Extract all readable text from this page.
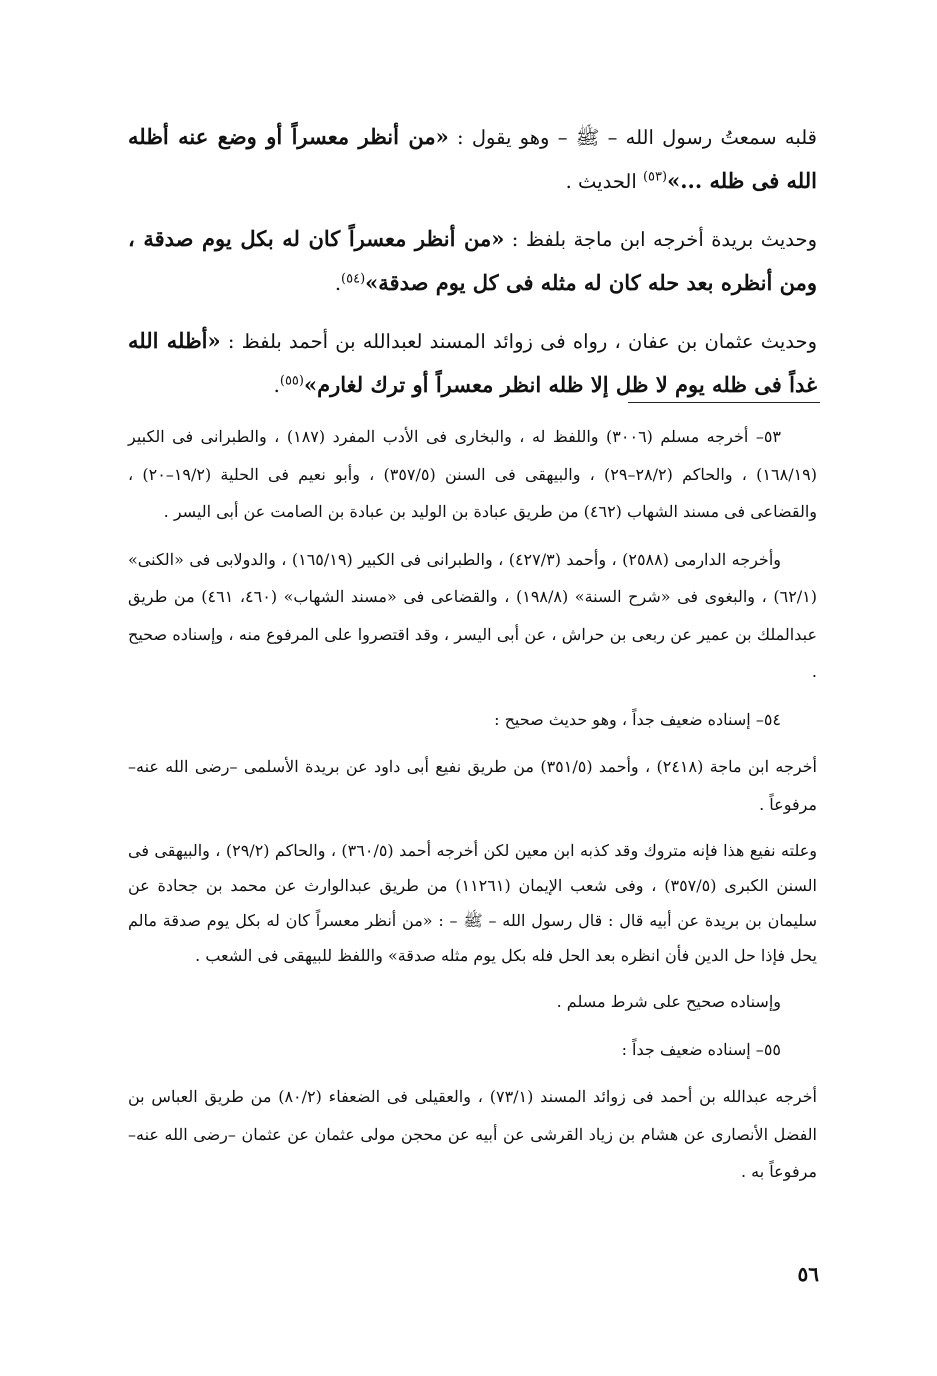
قلبه سمعتُ رسول الله – ﷺ – وهو يقول : «من أنظر معسراً أو وضع عنه أظله الله فى ظله ...»$^{(٥٣)}$ الحديث .

وحديث بريدة أخرجه ابن ماجة بلفظ : «من أنظر معسراً كان له بكل يوم صدقة ، ومن أنظره بعد حله كان له مثله فى كل يوم صدقة»$^{(٥٤)}$.

وحديث عثمان بن عفان ، رواه فى زوائد المسند لعبدالله بن أحمد بلفظ : «أظله الله غداً فى ظله يوم لا ظل إلا ظله انظر معسراً أو ترك لغارم»$^{(٥٥)}$.

٥٣– أخرجه مسلم (٣٠٠٦) واللفظ له ، والبخارى فى الأدب المفرد (١٨٧) ، والطبرانى فى الكبير (١٦٨/١٩) ، والحاكم (٢٨/٢–٢٩) ، والبيهقى فى السنن (٣٥٧/٥) ، وأبو نعيم فى الحلية (١٩/٢–٢٠) ، والقضاعى فى مسند الشهاب (٤٦٢) من طريق عبادة بن الوليد بن عبادة بن الصامت عن أبى اليسر .

وأخرجه الدارمى (٢٥٨٨) ، وأحمد (٤٢٧/٣) ، والطبرانى فى الكبير (١٦٥/١٩) ، والدولابى فى «الكنى» (٦٢/١) ، والبغوى فى «شرح السنة» (١٩٨/٨) ، والقضاعى فى «مسند الشهاب» (٤٦٠، ٤٦١) من طريق عبدالملك بن عمير عن ربعى بن حراش ، عن أبى اليسر ، وقد اقتصروا على المرفوع منه ، وإسناده صحيح .

٥٤– إسناده ضعيف جداً ، وهو حديث صحيح :

أخرجه ابن ماجة (٢٤١٨) ، وأحمد (٣٥١/٥) من طريق نفيع أبى داود عن بريدة الأسلمى –رضى الله عنه– مرفوعاً .

وعلته نفيع هذا فإنه متروك وقد كذبه ابن معين لكن أخرجه أحمد (٣٦٠/٥) ، والحاكم (٢٩/٢) ، والبيهقى فى السنن الكبرى (٣٥٧/٥) ، وفى شعب الإيمان (١١٢٦١) من طريق عبدالوارث عن محمد بن جحادة عن سليمان بن بريدة عن أبيه قال : قال رسول الله – ﷺ – : «من أنظر معسراً كان له بكل يوم صدقة مالم يحل فإذا حل الدين فأن انظره بعد الحل فله بكل يوم مثله صدقة» واللفظ للبيهقى فى الشعب .

وإسناده صحيح على شرط مسلم .

٥٥– إسناده ضعيف جداً :

أخرجه عبدالله بن أحمد فى زوائد المسند (٧٣/١) ، والعقيلى فى الضعفاء (٨٠/٢) من طريق العباس بن الفضل الأنصارى عن هشام بن زياد القرشى عن أبيه عن محجن مولى عثمان عن عثمان –رضى الله عنه– مرفوعاً به .

٥٦
